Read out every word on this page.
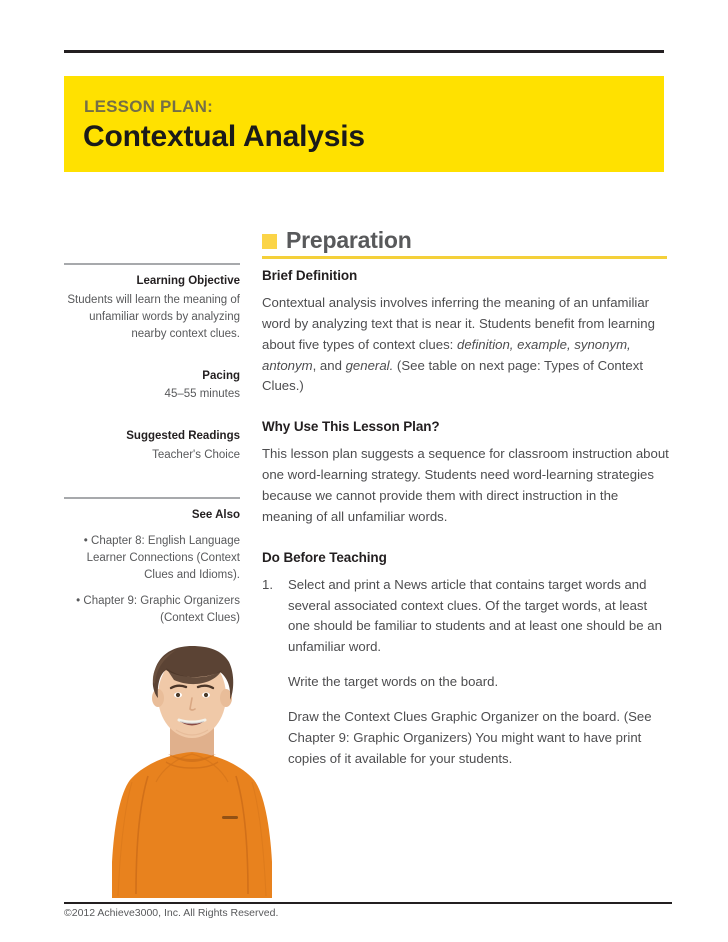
LESSON PLAN:
Contextual Analysis
Preparation
Learning Objective
Students will learn the meaning of unfamiliar words by analyzing nearby context clues.
Pacing
45–55 minutes
Suggested Readings
Teacher's Choice
See Also
• Chapter 8: English Language Learner Connections (Context Clues and Idioms).
• Chapter 9: Graphic Organizers (Context Clues)
Brief Definition

Contextual analysis involves inferring the meaning of an unfamiliar word by analyzing text that is near it. Students benefit from learning about five types of context clues: definition, example, synonym, antonym, and general. (See table on next page: Types of Context Clues.)

Why Use This Lesson Plan?

This lesson plan suggests a sequence for classroom instruction about one word-learning strategy. Students need word-learning strategies because we cannot provide them with direct instruction in the meaning of all unfamiliar words.

Do Before Teaching
1.	Select and print a News article that contains target words and several associated context clues. Of the target words, at least one should be familiar to students and at least one should be an unfamiliar word.
Write the target words on the board.
Draw the Context Clues Graphic Organizer on the board. (See Chapter 9: Graphic Organizers) You might want to have print copies of it available for your students.
©2012 Achieve3000, Inc. All Rights Reserved.
